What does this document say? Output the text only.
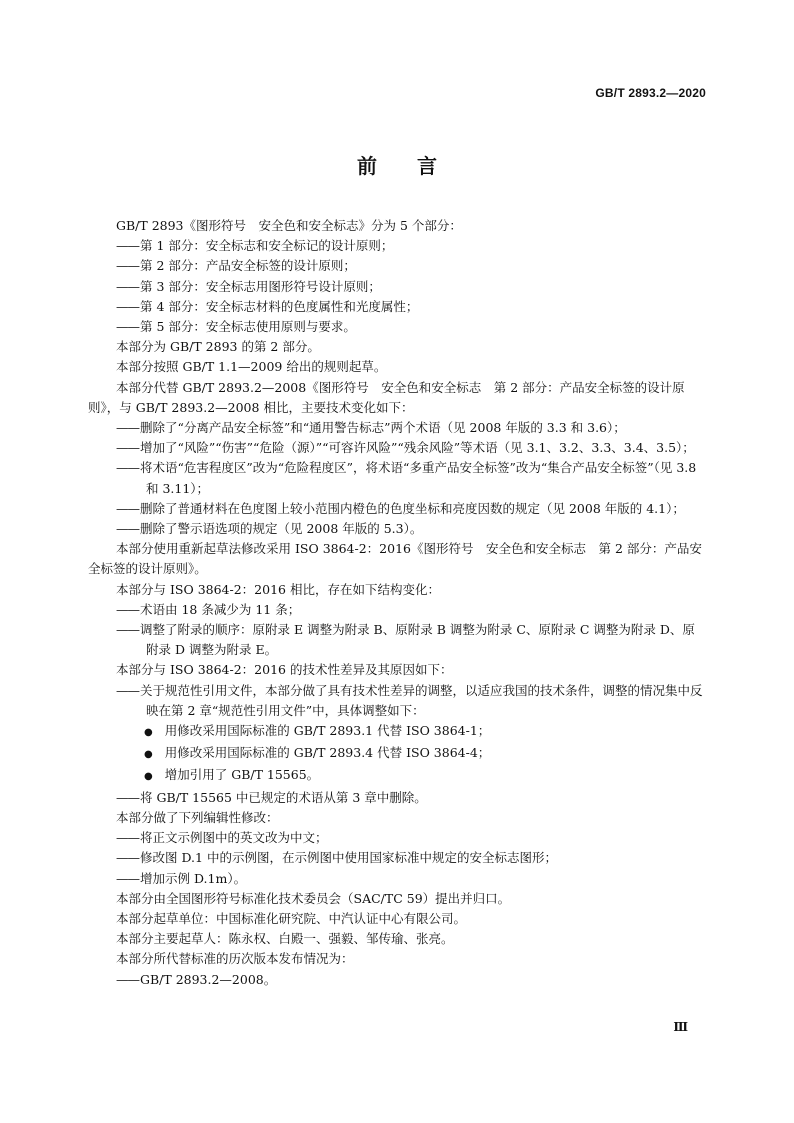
GB/T 2893.2—2020
前言
GB/T 2893《图形符号　安全色和安全标志》分为 5 个部分：
—— 第 1 部分：安全标志和安全标记的设计原则；
—— 第 2 部分：产品安全标签的设计原则；
—— 第 3 部分：安全标志用图形符号设计原则；
—— 第 4 部分：安全标志材料的色度属性和光度属性；
—— 第 5 部分：安全标志使用原则与要求。
本部分为 GB/T 2893 的第 2 部分。
本部分按照 GB/T 1.1—2009 给出的规则起草。
本部分代替 GB/T 2893.2—2008《图形符号　安全色和安全标志　第 2 部分：产品安全标签的设计原则》，与 GB/T 2893.2—2008 相比，主要技术变化如下：
—— 删除了“分离产品安全标签”和“通用警告标志”两个术语（见 2008 年版的 3.3 和 3.6）；
—— 增加了“风险”“伤害”“危险（源）”“可容许风险”“残余风险”等术语（见 3.1、3.2、3.3、3.4、3.5）；
—— 将术语“危害程度区”改为“危险程度区”，将术语“多重产品安全标签”改为“集合产品安全标签”（见 3.8 和 3.11）；
—— 删除了普通材料在色度图上较小范围内橙色的色度坐标和亮度因数的规定（见 2008 年版的 4.1）；
—— 删除了警示语选项的规定（见 2008 年版的 5.3）。
本部分使用重新起草法修改采用 ISO 3864-2：2016《图形符号　安全色和安全标志　第 2 部分：产品安全标签的设计原则》。
本部分与 ISO 3864-2：2016 相比，存在如下结构变化：
—— 术语由 18 条减少为 11 条；
—— 调整了附录的顺序：原附录 E 调整为附录 B、原附录 B 调整为附录 C、原附录 C 调整为附录 D、原附录 D 调整为附录 E。
本部分与 ISO 3864-2：2016 的技术性差异及其原因如下：
—— 关于规范性引用文件，本部分做了具有技术性差异的调整，以适应我国的技术条件，调整的情况集中反映在第 2 章“规范性引用文件”中，具体调整如下：
● 用修改采用国际标准的 GB/T 2893.1 代替 ISO 3864-1；
● 用修改采用国际标准的 GB/T 2893.4 代替 ISO 3864-4；
● 增加引用了 GB/T 15565。
—— 将 GB/T 15565 中已规定的术语从第 3 章中删除。
本部分做了下列编辑性修改：
—— 将正文示例图中的英文改为中文；
—— 修改图 D.1 中的示例图，在示例图中使用国家标准中规定的安全标志图形；
—— 增加示例 D.1m）。
本部分由全国图形符号标准化技术委员会（SAC/TC 59）提出并归口。
本部分起草单位：中国标准化研究院、中汽认证中心有限公司。
本部分主要起草人：陈永权、白殿一、强毅、邹传瑜、张亮。
本部分所代替标准的历次版本发布情况为：
—— GB/T 2893.2—2008。
Ⅲ
